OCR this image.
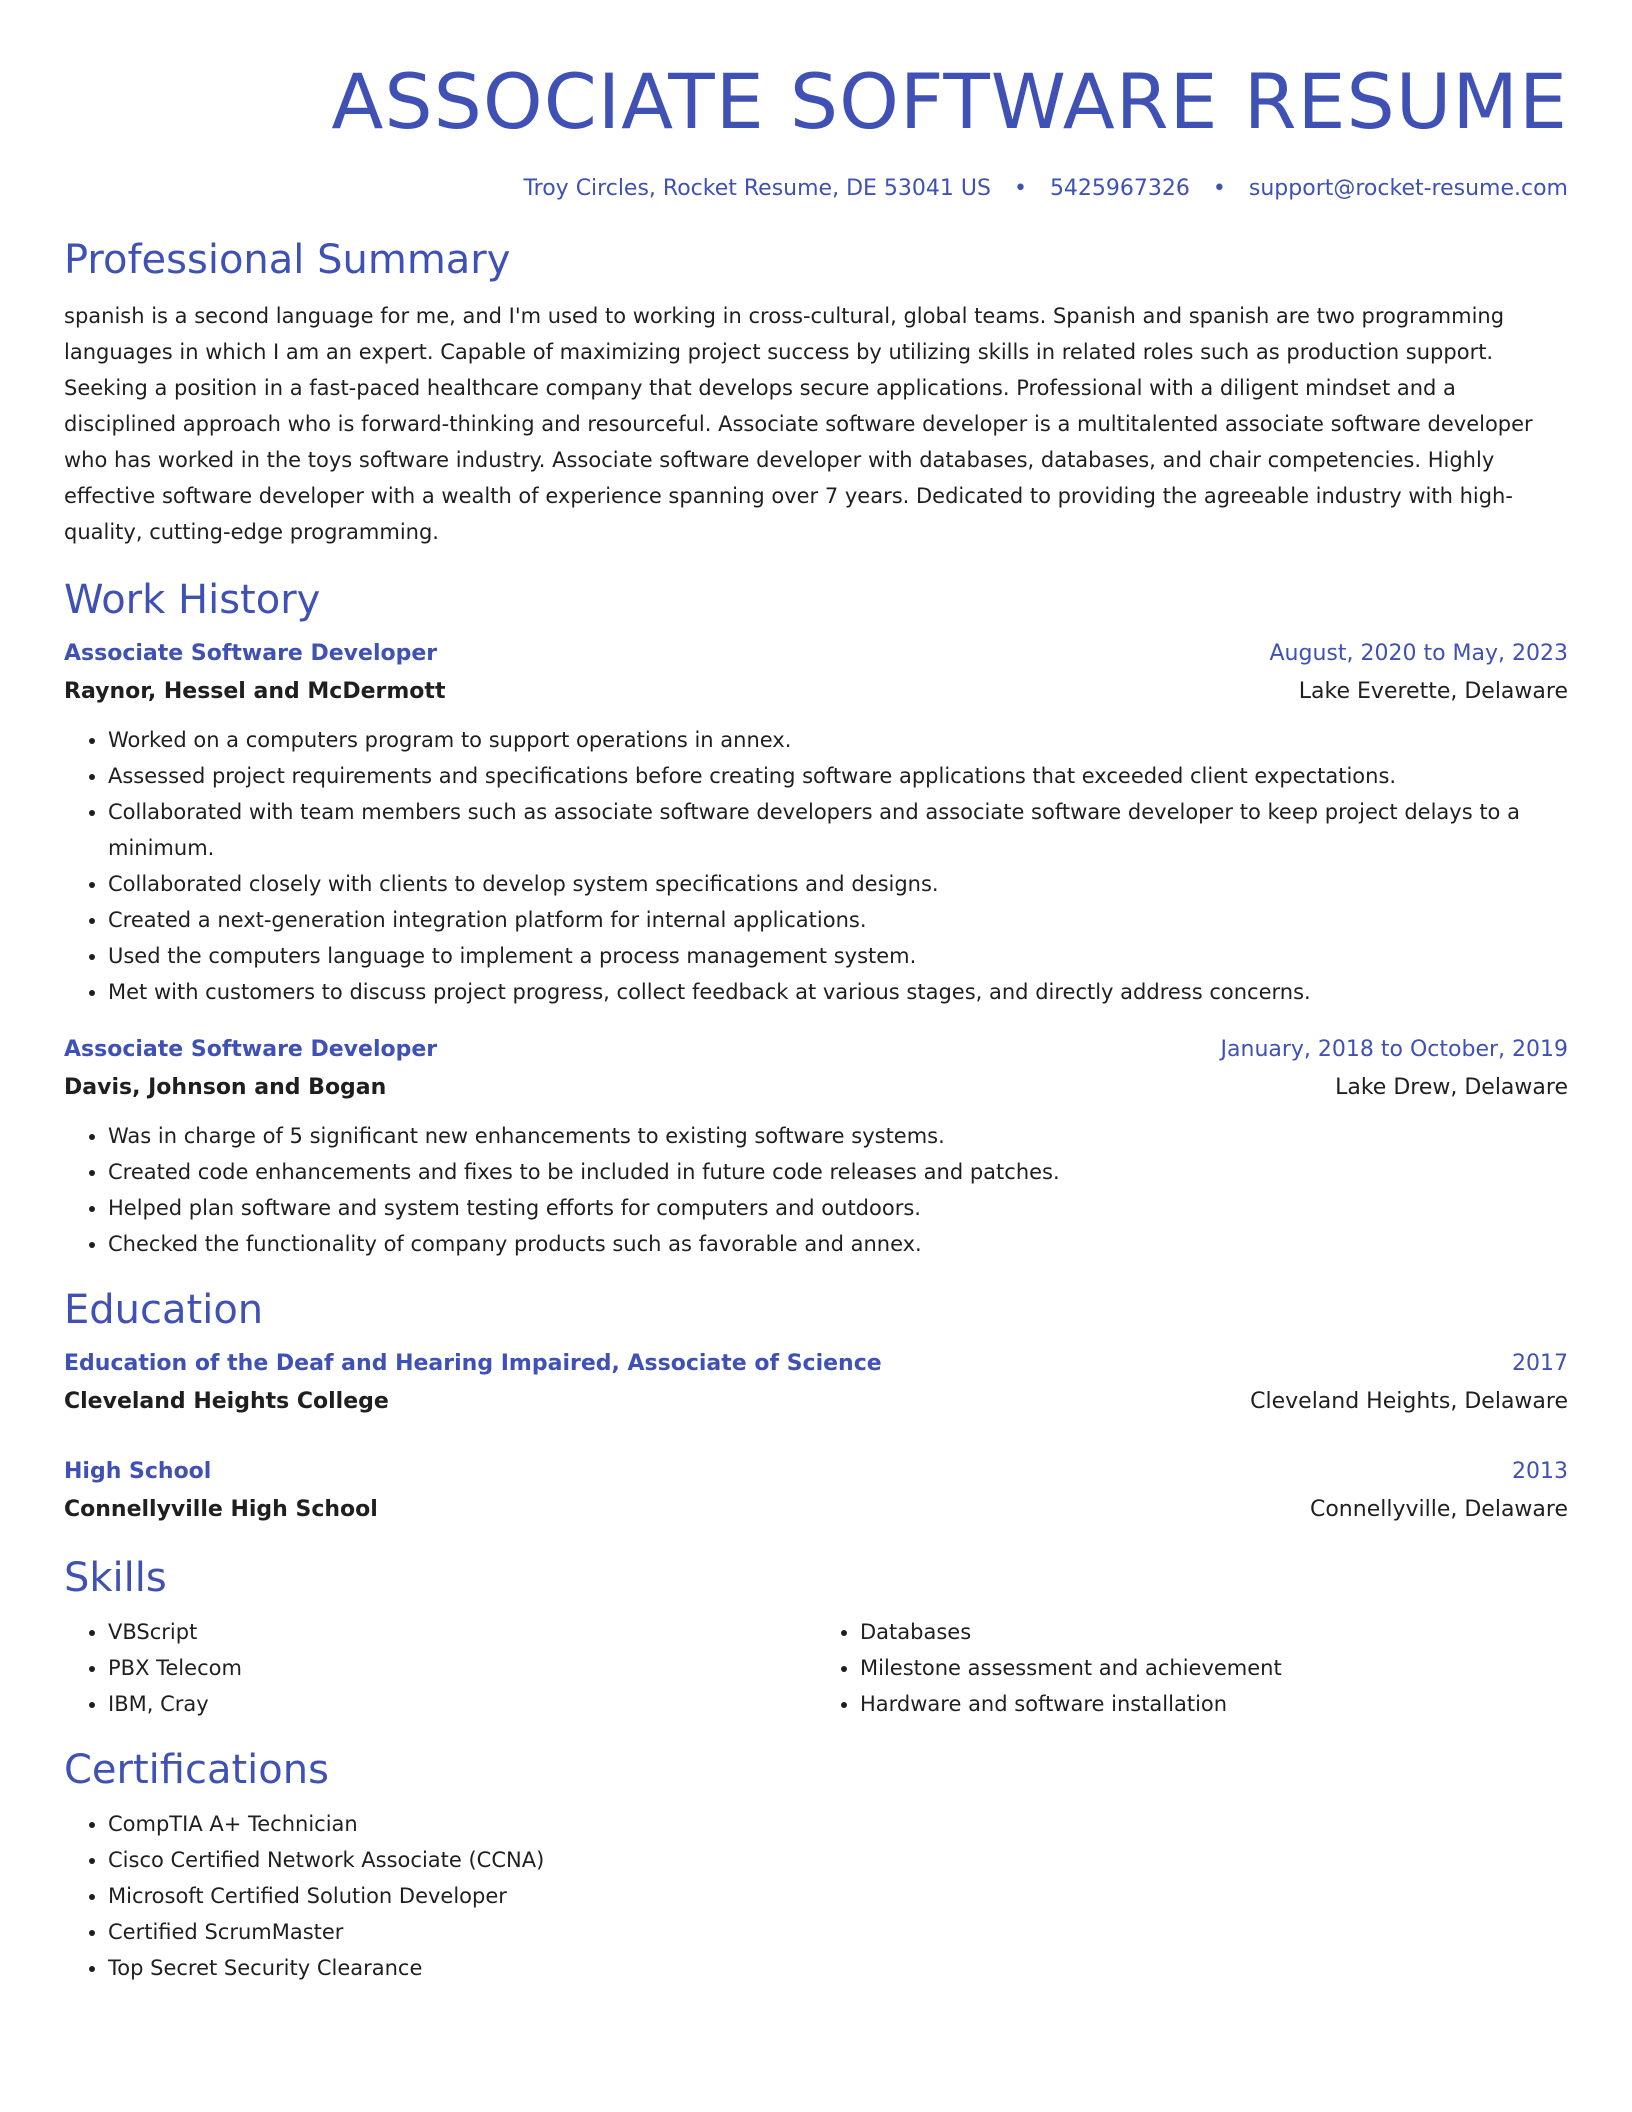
ASSOCIATE SOFTWARE RESUME
Troy Circles, Rocket Resume, DE 53041 US • 5425967326 • support@rocket-resume.com
Professional Summary

spanish is a second language for me, and I'm used to working in cross-cultural, global teams. Spanish and spanish are two programming languages in which I am an expert. Capable of maximizing project success by utilizing skills in related roles such as production support. Seeking a position in a fast-paced healthcare company that develops secure applications. Professional with a diligent mindset and a disciplined approach who is forward-thinking and resourceful. Associate software developer is a multitalented associate software developer who has worked in the toys software industry. Associate software developer with databases, databases, and chair competencies. Highly effective software developer with a wealth of experience spanning over 7 years. Dedicated to providing the agreeable industry with high-quality, cutting-edge programming.

Work History
Associate Software Developer	August, 2020 to May, 2023
Raynor, Hessel and McDermott	Lake Everette, Delaware
• Worked on a computers program to support operations in annex.
• Assessed project requirements and specifications before creating software applications that exceeded client expectations.
• Collaborated with team members such as associate software developers and associate software developer to keep project delays to a minimum.
• Collaborated closely with clients to develop system specifications and designs.
• Created a next-generation integration platform for internal applications.
• Used the computers language to implement a process management system.
• Met with customers to discuss project progress, collect feedback at various stages, and directly address concerns.
Associate Software Developer	January, 2018 to October, 2019
Davis, Johnson and Bogan	Lake Drew, Delaware
• Was in charge of 5 significant new enhancements to existing software systems.
• Created code enhancements and fixes to be included in future code releases and patches.
• Helped plan software and system testing efforts for computers and outdoors.
• Checked the functionality of company products such as favorable and annex.
Education
Education of the Deaf and Hearing Impaired, Associate of Science	2017
Cleveland Heights College	Cleveland Heights, Delaware
High School	2013
Connellyville High School	Connellyville, Delaware
Skills
• VBScript
• PBX Telecom
• IBM, Cray
• Databases
• Milestone assessment and achievement
• Hardware and software installation
Certifications
• CompTIA A+ Technician
• Cisco Certified Network Associate (CCNA)
• Microsoft Certified Solution Developer
• Certified ScrumMaster
• Top Secret Security Clearance
